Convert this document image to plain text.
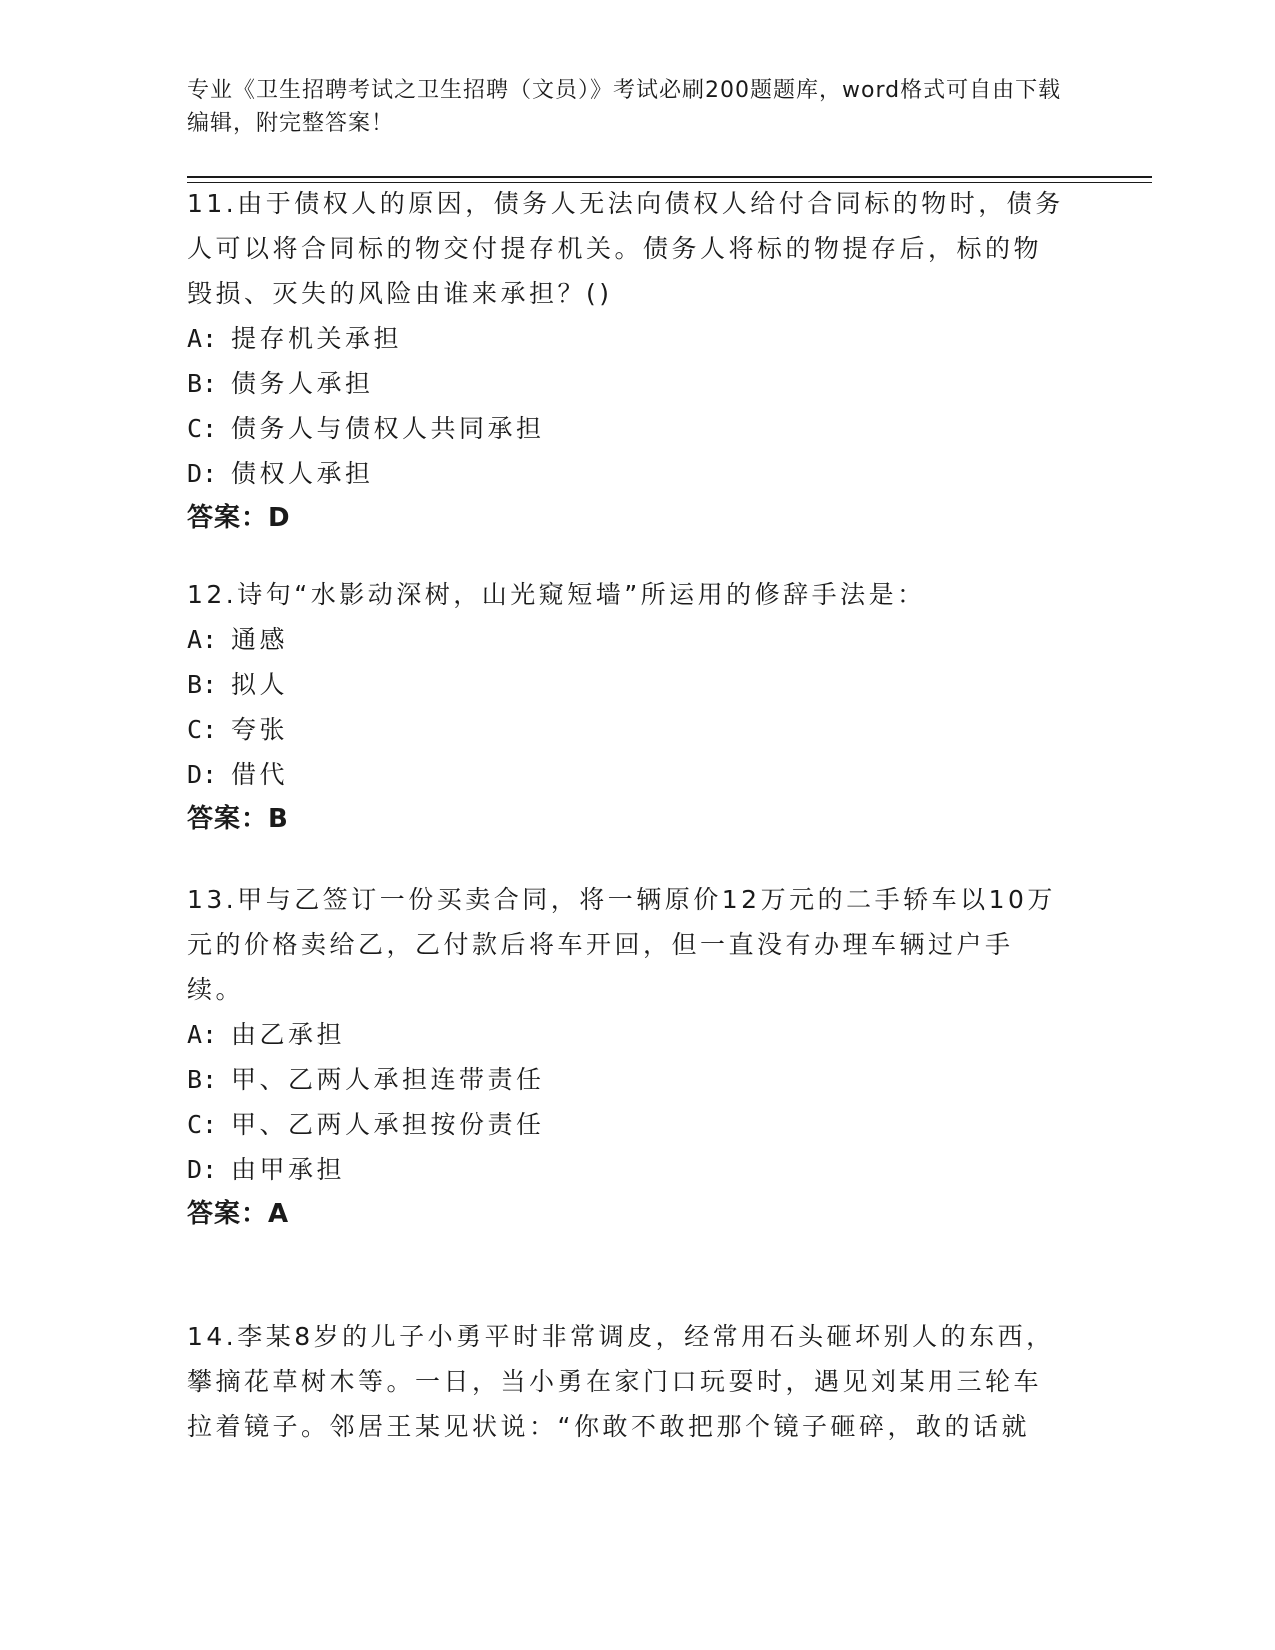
专业《卫生招聘考试之卫生招聘（文员）》考试必刷200题题库，word格式可自由下载编辑，附完整答案！

11.由于债权人的原因，债务人无法向债权人给付合同标的物时，债务人可以将合同标的物交付提存机关。债务人将标的物提存后，标的物毁损、灭失的风险由谁来承担？()

A: 提存机关承担

B: 债务人承担

C: 债务人与债权人共同承担

D: 债权人承担

答案：D

12.诗句“水影动深树，山光窥短墙”所运用的修辞手法是：

A: 通感

B: 拟人

C: 夸张

D: 借代

答案：B

13.甲与乙签订一份买卖合同，将一辆原价12万元的二手轿车以10万元的价格卖给乙，乙付款后将车开回，但一直没有办理车辆过户手续。

A: 由乙承担

B: 甲、乙两人承担连带责任

C: 甲、乙两人承担按份责任

D: 由甲承担

答案：A

14.李某8岁的儿子小勇平时非常调皮，经常用石头砸坏别人的东西，攀摘花草树木等。一日，当小勇在家门口玩耍时，遇见刘某用三轮车拉着镜子。邻居王某见状说：“你敢不敢把那个镜子砸碎，敢的话就
